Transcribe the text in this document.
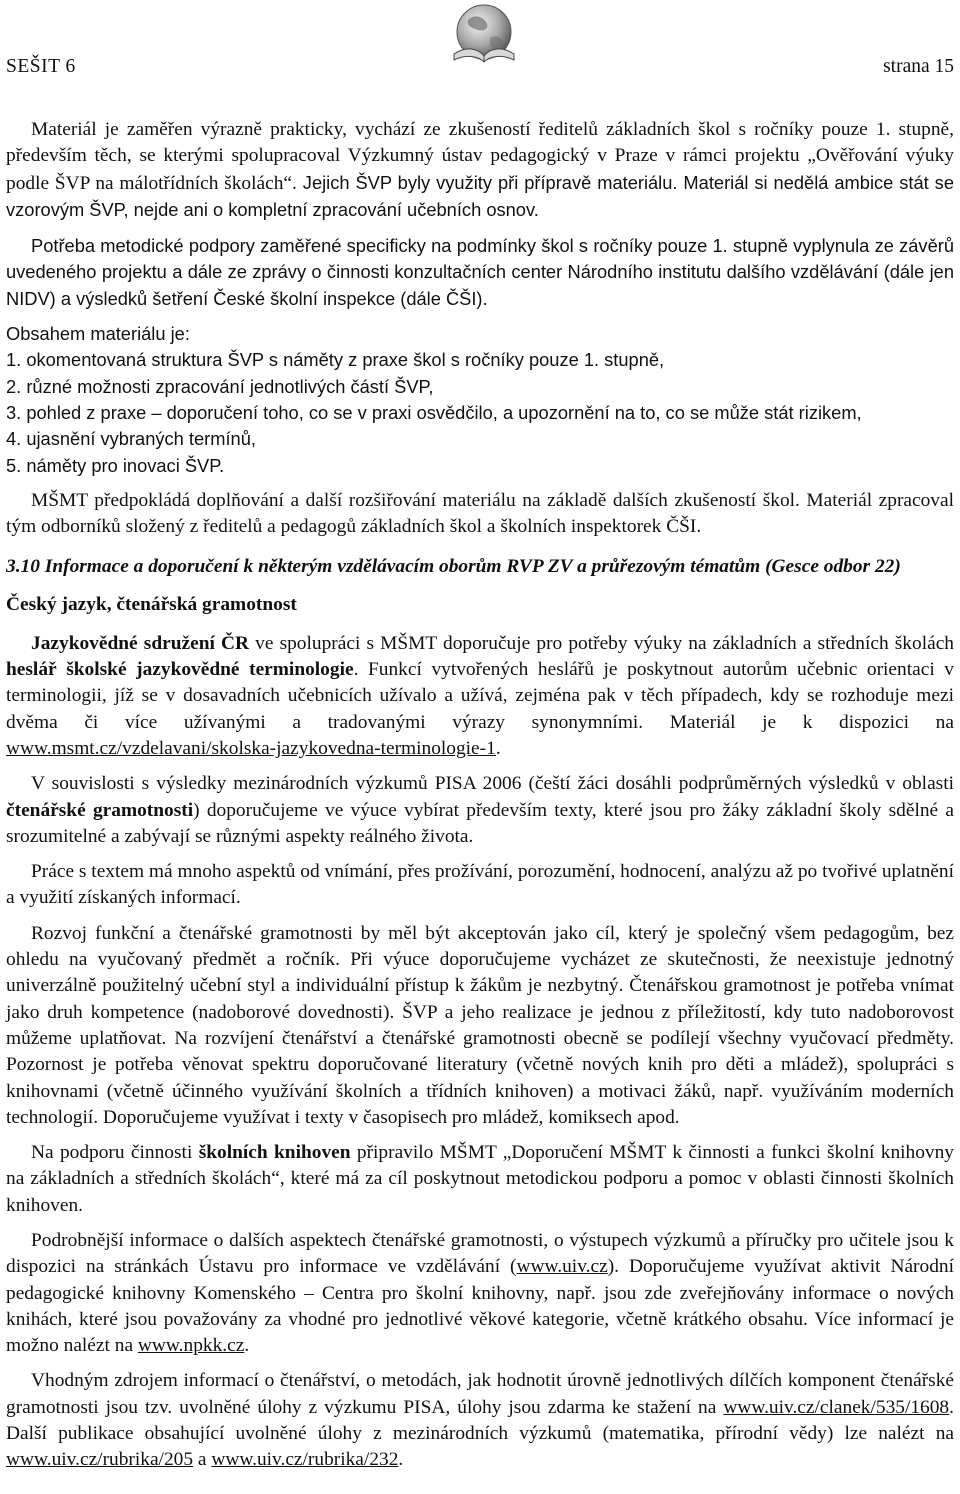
SEŠIT 6	strana 15

Materiál je zaměřen výrazně prakticky, vychází ze zkušeností ředitelů základních škol s ročníky pouze 1. stupně, především těch, se kterými spolupracoval Výzkumný ústav pedagogický v Praze v rámci projektu „Ověřování výuky podle ŠVP na málotřídních školách“. Jejich ŠVP byly využity při přípravě materiálu. Materiál si nedělá ambice stát se vzorovým ŠVP, nejde ani o kompletní zpracování učebních osnov.

Potřeba metodické podpory zaměřené specificky na podmínky škol s ročníky pouze 1. stupně vyplynula ze závěrů uvedeného projektu a dále ze zprávy o činnosti konzultačních center Národního institutu dalšího vzdělávání (dále jen NIDV) a výsledků šetření České školní inspekce (dále ČŠI).

Obsahem materiálu je:
1. okomentovaná struktura ŠVP s náměty z praxe škol s ročníky pouze 1. stupně,
2. různé možnosti zpracování jednotlivých částí ŠVP,
3. pohled z praxe – doporučení toho, co se v praxi osvědčilo, a upozornění na to, co se může stát rizikem,
4. ujasnění vybraných termínů,
5. náměty pro inovaci ŠVP.

MŠMT předpokládá doplňování a další rozšiřování materiálu na základě dalších zkušeností škol. Materiál zpracoval tým odborníků složený z ředitelů a pedagogů základních škol a školních inspektorek ČŠI.

3.10 Informace a doporučení k některým vzdělávacím oborům RVP ZV a průřezovým tématům (Gesce odbor 22)
Český jazyk, čtenářská gramotnost

Jazykovědné sdružení ČR ve spolupráci s MŠMT doporučuje pro potřeby výuky na základních a středních školách heslář školské jazykovědné terminologie. Funkcí vytvořených heslářů je poskytnout autorům učebnic orientaci v terminologii, jíž se v dosavadních učebnicích užívalo a užívá, zejména pak v těch případech, kdy se rozhoduje mezi dvěma či více užívanými a tradovanými výrazy synonymními. Materiál je k dispozici na www.msmt.cz/vzdelavani/skolska-jazykovedna-terminologie-1.

V souvislosti s výsledky mezinárodních výzkumů PISA 2006 (čeští žáci dosáhli podprůměrných výsledků v oblasti čtenářské gramotnosti) doporučujeme ve výuce vybírat především texty, které jsou pro žáky základní školy sdělné a srozumitelné a zabývají se různými aspekty reálného života.

Práce s textem má mnoho aspektů od vnímání, přes prožívání, porozumění, hodnocení, analýzu až po tvořivé uplatnění a využití získaných informací.

Rozvoj funkční a čtenářské gramotnosti by měl být akceptován jako cíl, který je společný všem pedagogům, bez ohledu na vyučovaný předmět a ročník. Při výuce doporučujeme vycházet ze skutečnosti, že neexistuje jednotný univerzálně použitelný učební styl a individuální přístup k žákům je nezbytný. Čtenářskou gramotnost je potřeba vnímat jako druh kompetence (nadoborové dovednosti). ŠVP a jeho realizace je jednou z příležitostí, kdy tuto nadoborovost můžeme uplatňovat. Na rozvíjení čtenářství a čtenářské gramotnosti obecně se podílejí všechny vyučovací předměty. Pozornost je potřeba věnovat spektru doporučované literatury (včetně nových knih pro děti a mládež), spolupráci s knihovnami (včetně účinného využívání školních a třídních knihoven) a motivaci žáků, např. využíváním moderních technologií. Doporučujeme využívat i texty v časopisech pro mládež, komiksech apod.

Na podporu činnosti školních knihoven připravilo MŠMT „Doporučení MŠMT k činnosti a funkci školní knihovny na základních a středních školách“, které má za cíl poskytnout metodickou podporu a pomoc v oblasti činnosti školních knihoven.

Podrobnější informace o dalších aspektech čtenářské gramotnosti, o výstupech výzkumů a příručky pro učitele jsou k dispozici na stránkách Ústavu pro informace ve vzdělávání (www.uiv.cz). Doporučujeme využívat aktivit Národní pedagogické knihovny Komenského – Centra pro školní knihovny, např. jsou zde zveřejňovány informace o nových knihách, které jsou považovány za vhodné pro jednotlivé věkové kategorie, včetně krátkého obsahu. Více informací je možno nalézt na www.npkk.cz.

Vhodným zdrojem informací o čtenářství, o metodách, jak hodnotit úrovně jednotlivých dílčích komponent čtenářské gramotnosti jsou tzv. uvolněné úlohy z výzkumu PISA, úlohy jsou zdarma ke stažení na www.uiv.cz/clanek/535/1608. Další publikace obsahující uvolněné úlohy z mezinárodních výzkumů (matematika, přírodní vědy) lze nalézt na www.uiv.cz/rubrika/205 a www.uiv.cz/rubrika/232.
